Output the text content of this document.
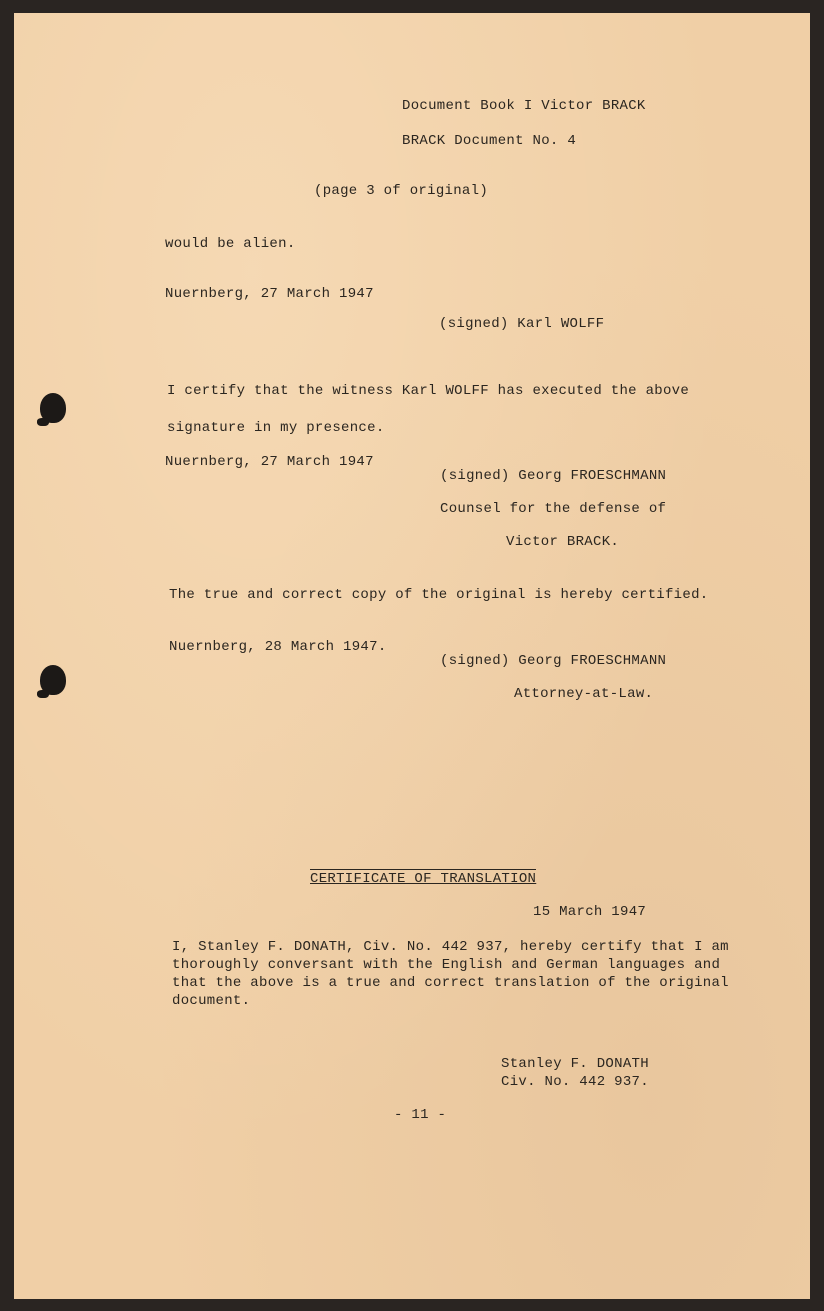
Document Book I Victor BRACK
BRACK Document No. 4
(page 3 of original)
would be alien.
Nuernberg, 27 March 1947
(signed) Karl WOLFF
I certify that the witness Karl WOLFF has executed the above
signature in my presence.
Nuernberg, 27 March 1947
(signed) Georg FROESCHMANN
Counsel for the defense of
Victor BRACK.
The true and correct copy of the original is hereby certified.
Nuernberg, 28 March 1947.
(signed) Georg FROESCHMANN
Attorney-at-Law.
CERTIFICATE OF TRANSLATION
15 March 1947
I, Stanley F. DONATH, Civ. No. 442 937, hereby certify that I am
thoroughly conversant with the English and German languages and
that the above is a true and correct translation of the original
document.
Stanley F. DONATH
Civ. No. 442 937.
- 11 -
